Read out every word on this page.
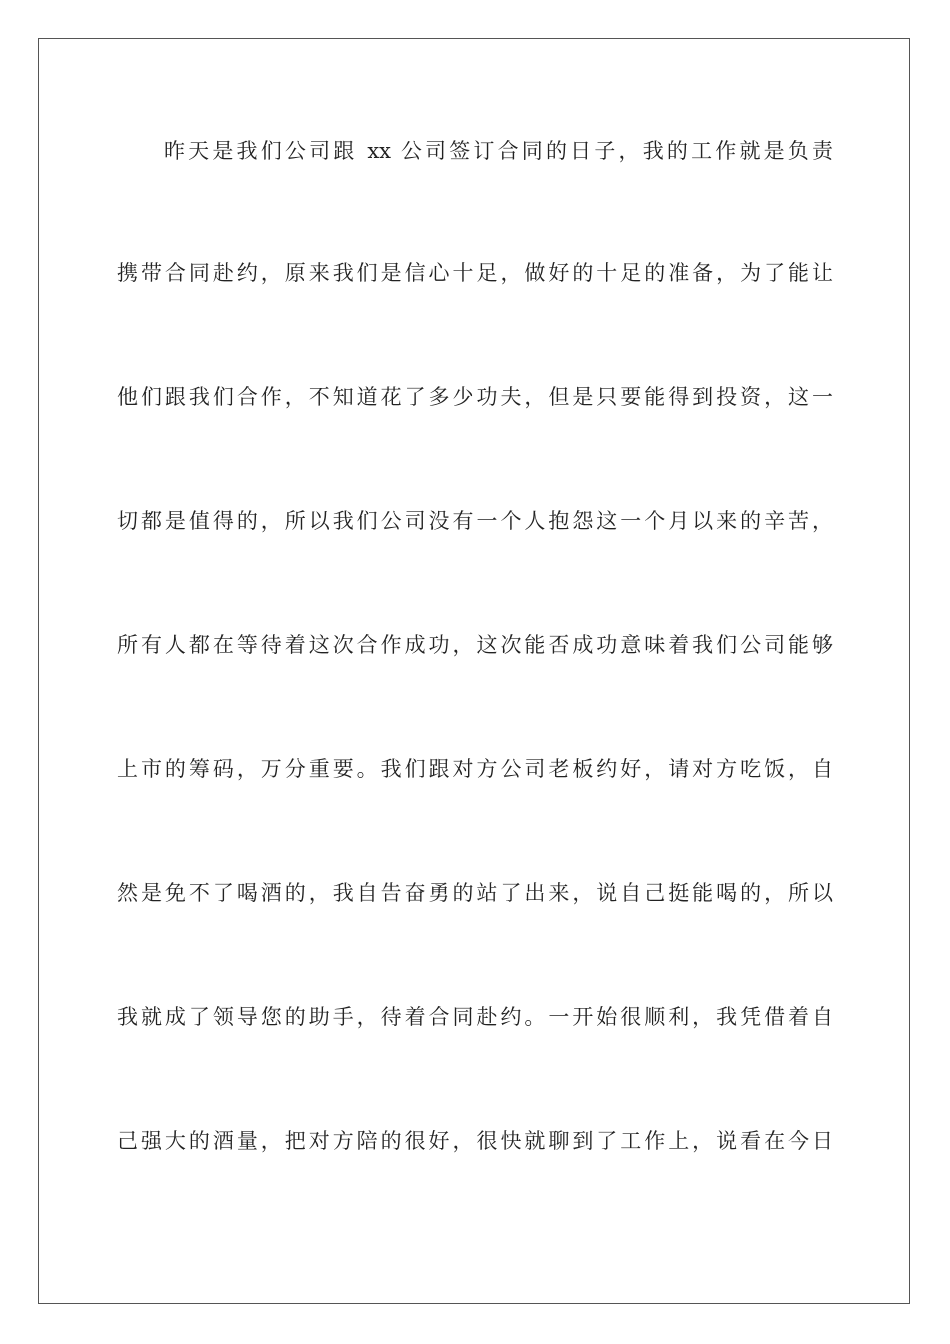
昨天是我们公司跟 xx 公司签订合同的日子，我的工作就是负责
携带合同赴约，原来我们是信心十足，做好的十足的准备，为了能让
他们跟我们合作，不知道花了多少功夫，但是只要能得到投资，这一
切都是值得的，所以我们公司没有一个人抱怨这一个月以来的辛苦，
所有人都在等待着这次合作成功，这次能否成功意味着我们公司能够
上市的筹码，万分重要。我们跟对方公司老板约好，请对方吃饭，自
然是免不了喝酒的，我自告奋勇的站了出来，说自己挺能喝的，所以
我就成了领导您的助手，待着合同赴约。一开始很顺利，我凭借着自
己强大的酒量，把对方陪的很好，很快就聊到了工作上，说看在今日
